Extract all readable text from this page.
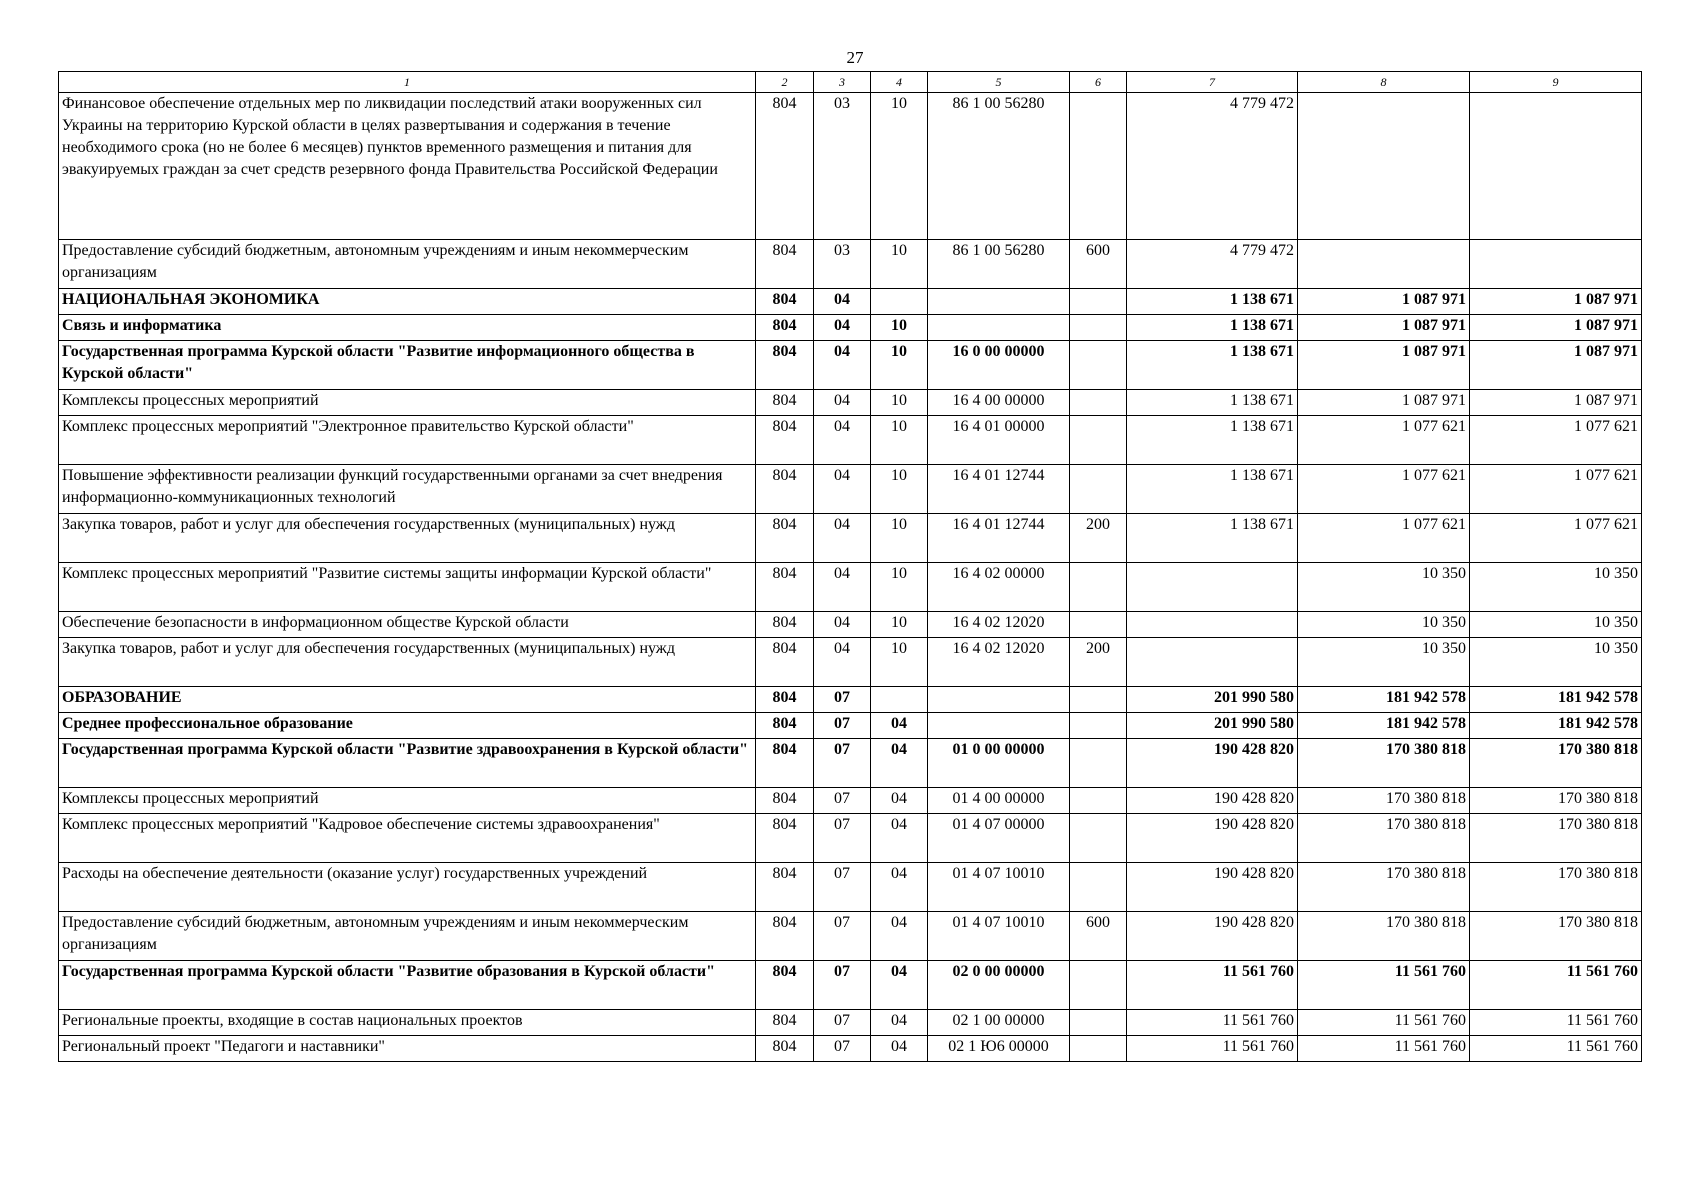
27
1	2	3	4	5	6	7	8	9
Финансовое обеспечение отдельных мер по ликвидации последствий атаки вооруженных сил Украины на территорию Курской области в целях развертывания и содержания в течение необходимого срока (но не более 6 месяцев) пунктов временного размещения и питания для эвакуируемых граждан за счет средств резервного фонда Правительства Российской Федерации	804	03	10	86 1 00 56280		4 779 472		
Предоставление субсидий бюджетным, автономным учреждениям и иным некоммерческим организациям	804	03	10	86 1 00 56280	600	4 779 472		
НАЦИОНАЛЬНАЯ ЭКОНОМИКА	804	04				1 138 671	1 087 971	1 087 971
Связь и информатика	804	04	10			1 138 671	1 087 971	1 087 971
Государственная программа Курской области "Развитие информационного общества в Курской области"	804	04	10	16 0 00 00000		1 138 671	1 087 971	1 087 971
Комплексы процессных мероприятий	804	04	10	16 4 00 00000		1 138 671	1 087 971	1 087 971
Комплекс процессных мероприятий "Электронное правительство Курской области"	804	04	10	16 4 01 00000		1 138 671	1 077 621	1 077 621
Повышение эффективности реализации функций государственными органами за счет внедрения информационно-коммуникационных технологий	804	04	10	16 4 01 12744		1 138 671	1 077 621	1 077 621
Закупка товаров, работ и услуг для обеспечения государственных (муниципальных) нужд	804	04	10	16 4 01 12744	200	1 138 671	1 077 621	1 077 621
Комплекс процессных мероприятий "Развитие системы защиты информации Курской области"	804	04	10	16 4 02 00000			10 350	10 350
Обеспечение безопасности в информационном обществе Курской области	804	04	10	16 4 02 12020			10 350	10 350
Закупка товаров, работ и услуг для обеспечения государственных (муниципальных) нужд	804	04	10	16 4 02 12020	200		10 350	10 350
ОБРАЗОВАНИЕ	804	07				201 990 580	181 942 578	181 942 578
Среднее профессиональное образование	804	07	04			201 990 580	181 942 578	181 942 578
Государственная программа Курской области "Развитие здравоохранения в Курской области"	804	07	04	01 0 00 00000		190 428 820	170 380 818	170 380 818
Комплексы процессных мероприятий	804	07	04	01 4 00 00000		190 428 820	170 380 818	170 380 818
Комплекс процессных мероприятий "Кадровое обеспечение системы здравоохранения"	804	07	04	01 4 07 00000		190 428 820	170 380 818	170 380 818
Расходы на обеспечение деятельности (оказание услуг) государственных учреждений	804	07	04	01 4 07 10010		190 428 820	170 380 818	170 380 818
Предоставление субсидий бюджетным, автономным учреждениям и иным некоммерческим организациям	804	07	04	01 4 07 10010	600	190 428 820	170 380 818	170 380 818
Государственная программа Курской области "Развитие образования в Курской области"	804	07	04	02 0 00 00000		11 561 760	11 561 760	11 561 760
Региональные проекты, входящие в состав национальных проектов	804	07	04	02 1 00 00000		11 561 760	11 561 760	11 561 760
Региональный проект "Педагоги и наставники"	804	07	04	02 1 Ю6 00000		11 561 760	11 561 760	11 561 760
